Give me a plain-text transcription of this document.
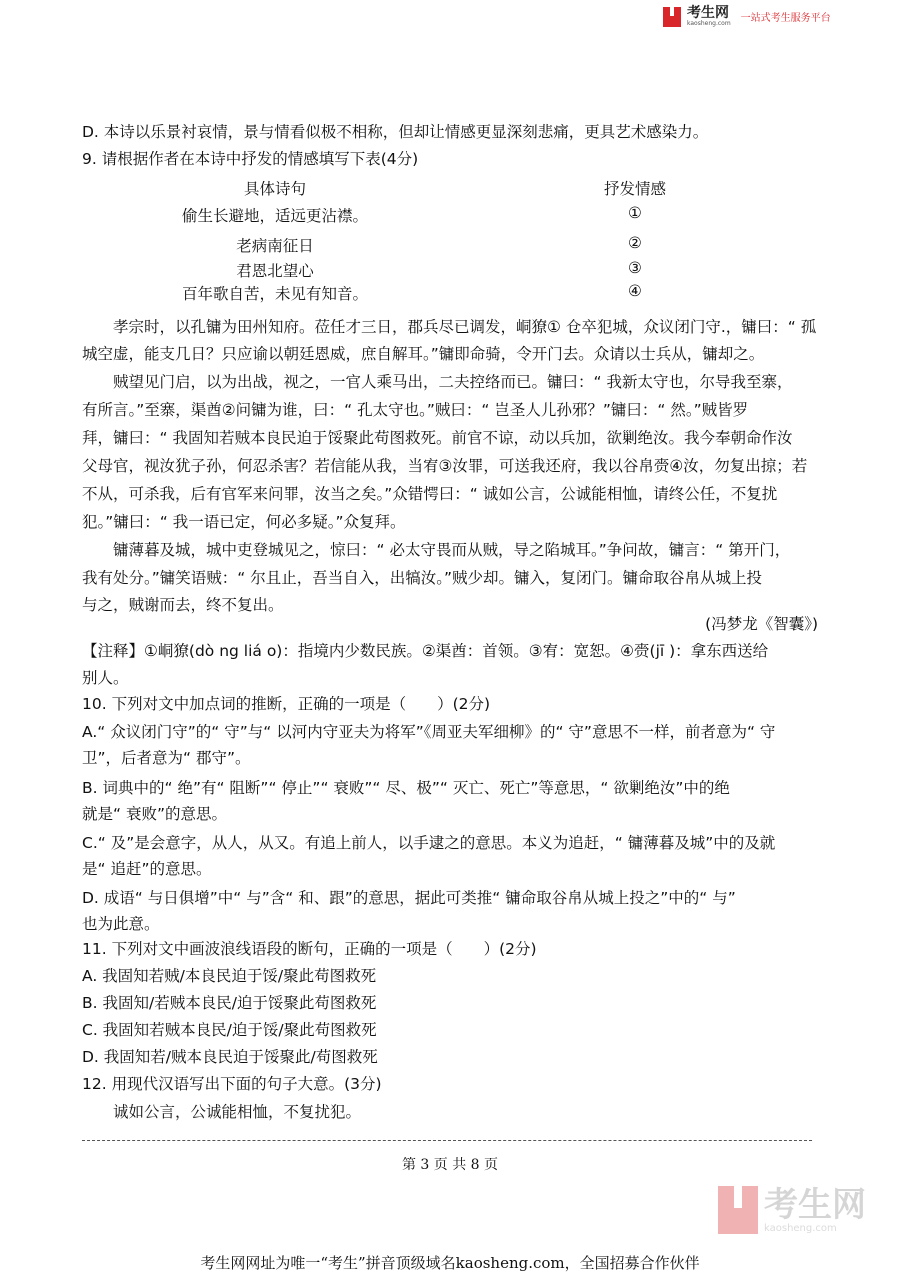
考生网
kaosheng.com 一站式考生服务平台
D. 本诗以乐景衬哀情，景与情看似极不相称，但却让情感更显深刻悲痛，更具艺术感染力。
9. 请根据作者在本诗中抒发的情感填写下表(4分)
具体诗句	抒发情感
偷生长避地，适远更沾襟。	①
老病南征日	②
君恩北望心	③
百年歌自苦，未见有知音。	④
孝宗时，以孔镛为田州知府。莅任才三日，郡兵尽已调发，峒獠① 仓卒犯城，众议闭门守.，镛曰：“ 孤
城空虚，能支几日？只应谕以朝廷恩威，庶自解耳。”镛即命骑，令开门去。众请以士兵从，镛却之。
贼望见门启，以为出战，视之，一官人乘马出，二夫控络而已。镛曰：“ 我新太守也，尔导我至寨，
有所言。”至寨，渠酋②问镛为谁，曰：“ 孔太守也。”贼曰：“ 岂圣人儿孙邪？”镛曰：“ 然。”贼皆罗
拜，镛曰：“ 我固知若贼本良民迫于馁聚此苟图救死。前官不谅，动以兵加，欲剿绝汝。我今奉朝命作汝
父母官，视汝犹子孙，何忍杀害？若信能从我，当宥③汝罪，可送我还府，我以谷帛赍④汝，勿复出掠；若
不从，可杀我，后有官军来问罪，汝当之矣。”众错愕曰：“ 诚如公言，公诚能相恤，请终公任，不复扰
犯。”镛曰：“ 我一语已定，何必多疑。”众复拜。
镛薄暮及城，城中吏登城见之，惊曰：“ 必太守畏而从贼，导之陷城耳。”争问故，镛言：“ 第开门，
我有处分。”镛笑语贼：“ 尔且止，吾当自入，出犒汝。”贼少却。镛入，复闭门。镛命取谷帛从城上投
与之，贼谢而去，终不复出。
(冯梦龙《智囊》)
【注释】①峒獠(dò ng liá o)：指境内少数民族。②渠酋：首领。③宥：宽恕。④赍(jī )：拿东西送给
别人。
10. 下列对文中加点词的推断，正确的一项是（　　）(2分)
A.“ 众议闭门守”的“ 守”与“ 以河内守亚夫为将军”《周亚夫军细柳》的“ 守”意思不一样，前者意为“ 守
卫”，后者意为“ 郡守”。
B. 词典中的“ 绝”有“ 阻断”“ 停止”“ 衰败”“ 尽、极”“ 灭亡、死亡”等意思，“ 欲剿绝汝”中的绝
就是“ 衰败”的意思。
C.“ 及”是会意字，从人，从又。有追上前人，以手逮之的意思。本义为追赶，“ 镛薄暮及城”中的及就
是“ 追赶”的意思。
D. 成语“ 与日俱增”中“ 与”含“ 和、跟”的意思，据此可类推“ 镛命取谷帛从城上投之”中的“ 与”
也为此意。
11. 下列对文中画波浪线语段的断句，正确的一项是（　　）(2分)
A. 我固知若贼/本良民迫于馁/聚此苟图救死
B. 我固知/若贼本良民/迫于馁聚此苟图救死
C. 我固知若贼本良民/迫于馁/聚此苟图救死
D. 我固知若/贼本良民迫于馁聚此/苟图救死
12. 用现代汉语写出下面的句子大意。(3分)
诚如公言，公诚能相恤，不复扰犯。
第 3 页 共 8 页
考生网
kaosheng.com
考生网网址为唯一“考生”拼音顶级域名kaosheng.com，全国招募合作伙伴
